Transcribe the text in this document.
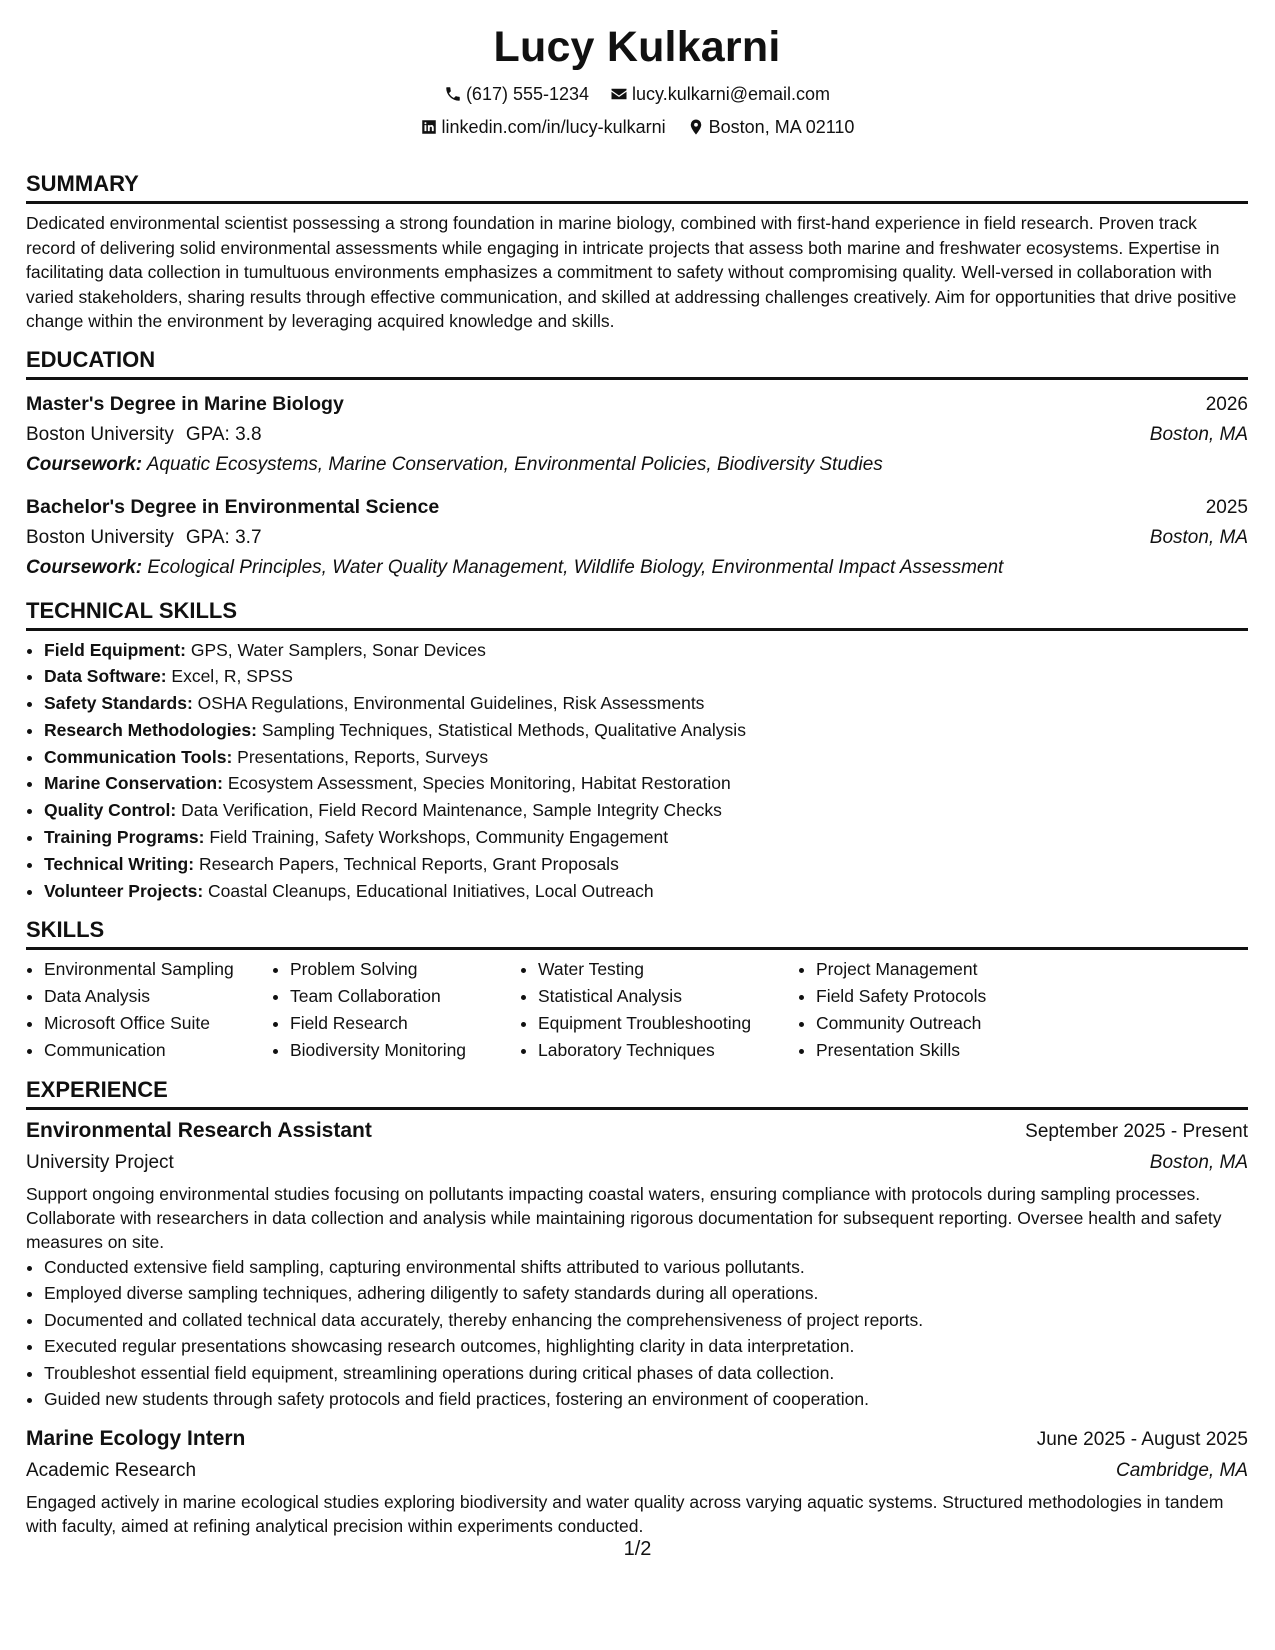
Lucy Kulkarni
(617) 555-1234
lucy.kulkarni@email.com
linkedin.com/in/lucy-kulkarni
Boston, MA 02110
SUMMARY
Dedicated environmental scientist possessing a strong foundation in marine biology, combined with first-hand experience in field research. Proven track record of delivering solid environmental assessments while engaging in intricate projects that assess both marine and freshwater ecosystems. Expertise in facilitating data collection in tumultuous environments emphasizes a commitment to safety without compromising quality. Well-versed in collaboration with varied stakeholders, sharing results through effective communication, and skilled at addressing challenges creatively. Aim for opportunities that drive positive change within the environment by leveraging acquired knowledge and skills.
EDUCATION
Master's Degree in Marine Biology	2026
Boston University GPA: 3.8	Boston, MA
Coursework: Aquatic Ecosystems, Marine Conservation, Environmental Policies, Biodiversity Studies
Bachelor's Degree in Environmental Science	2025
Boston University GPA: 3.7	Boston, MA
Coursework: Ecological Principles, Water Quality Management, Wildlife Biology, Environmental Impact Assessment
TECHNICAL SKILLS
• Field Equipment: GPS, Water Samplers, Sonar Devices
• Data Software: Excel, R, SPSS
• Safety Standards: OSHA Regulations, Environmental Guidelines, Risk Assessments
• Research Methodologies: Sampling Techniques, Statistical Methods, Qualitative Analysis
• Communication Tools: Presentations, Reports, Surveys
• Marine Conservation: Ecosystem Assessment, Species Monitoring, Habitat Restoration
• Quality Control: Data Verification, Field Record Maintenance, Sample Integrity Checks
• Training Programs: Field Training, Safety Workshops, Community Engagement
• Technical Writing: Research Papers, Technical Reports, Grant Proposals
• Volunteer Projects: Coastal Cleanups, Educational Initiatives, Local Outreach
SKILLS
• Environmental Sampling
• Data Analysis
• Microsoft Office Suite
• Communication
• Problem Solving
• Team Collaboration
• Field Research
• Biodiversity Monitoring
• Water Testing
• Statistical Analysis
• Equipment Troubleshooting
• Laboratory Techniques
• Project Management
• Field Safety Protocols
• Community Outreach
• Presentation Skills
EXPERIENCE
Environmental Research Assistant	September 2025 - Present
University Project	Boston, MA
Support ongoing environmental studies focusing on pollutants impacting coastal waters, ensuring compliance with protocols during sampling processes. Collaborate with researchers in data collection and analysis while maintaining rigorous documentation for subsequent reporting. Oversee health and safety measures on site.
• Conducted extensive field sampling, capturing environmental shifts attributed to various pollutants.
• Employed diverse sampling techniques, adhering diligently to safety standards during all operations.
• Documented and collated technical data accurately, thereby enhancing the comprehensiveness of project reports.
• Executed regular presentations showcasing research outcomes, highlighting clarity in data interpretation.
• Troubleshot essential field equipment, streamlining operations during critical phases of data collection.
• Guided new students through safety protocols and field practices, fostering an environment of cooperation.
Marine Ecology Intern	June 2025 - August 2025
Academic Research	Cambridge, MA
Engaged actively in marine ecological studies exploring biodiversity and water quality across varying aquatic systems. Structured methodologies in tandem with faculty, aimed at refining analytical precision within experiments conducted.
1/2
